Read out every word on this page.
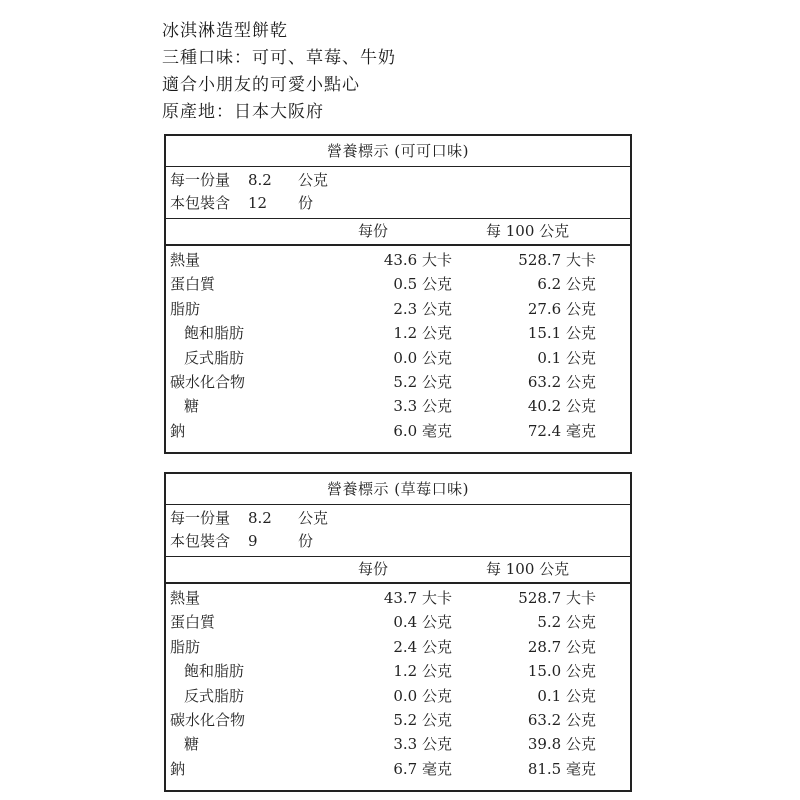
冰淇淋造型餅乾
三種口味：可可、草莓、牛奶
適合小朋友的可愛小點心
原產地：日本大阪府
營養標示 (可可口味)
每一份量 8.2 公克
本包裝含 12 份
每份	每 100 公克
熱量	43.6 大卡	528.7 大卡
蛋白質	0.5 公克	6.2 公克
脂肪	2.3 公克	27.6 公克
飽和脂肪	1.2 公克	15.1 公克
反式脂肪	0.0 公克	0.1 公克
碳水化合物	5.2 公克	63.2 公克
糖	3.3 公克	40.2 公克
鈉	6.0 毫克	72.4 毫克
營養標示 (草莓口味)
每一份量 8.2 公克
本包裝含 9	份
每份	每 100 公克
熱量	43.7 大卡	528.7 大卡
蛋白質	0.4 公克	5.2 公克
脂肪	2.4 公克	28.7 公克
飽和脂肪	1.2 公克	15.0 公克
反式脂肪	0.0 公克	0.1 公克
碳水化合物	5.2 公克	63.2 公克
糖	3.3 公克	39.8 公克
鈉	6.7 毫克	81.5 毫克
